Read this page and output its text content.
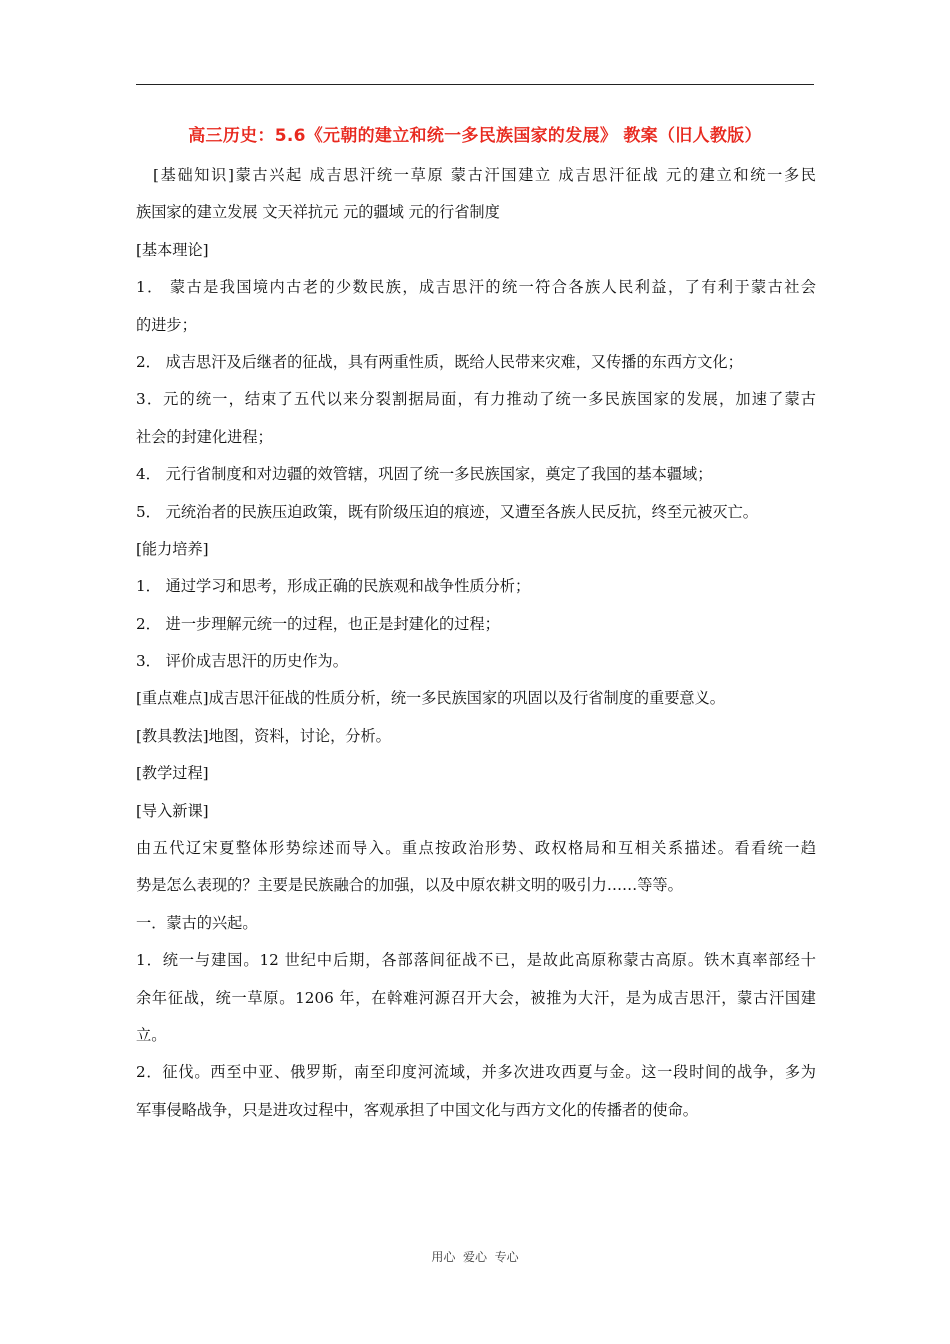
高三历史：5.6《元朝的建立和统一多民族国家的发展》 教案（旧人教版）
[基础知识]蒙古兴起 成吉思汗统一草原 蒙古汗国建立 成吉思汗征战 元的建立和统一多民
族国家的建立发展 文天祥抗元 元的疆域 元的行省制度
[基本理论]
1． 蒙古是我国境内古老的少数民族，成吉思汗的统一符合各族人民利益，了有利于蒙古社会
的进步；
2． 成吉思汗及后继者的征战，具有两重性质，既给人民带来灾难，又传播的东西方文化；
3．元的统一，结束了五代以来分裂割据局面，有力推动了统一多民族国家的发展，加速了蒙古
社会的封建化进程；
4． 元行省制度和对边疆的效管辖，巩固了统一多民族国家，奠定了我国的基本疆域；
5． 元统治者的民族压迫政策，既有阶级压迫的痕迹，又遭至各族人民反抗，终至元被灭亡。
[能力培养]
1． 通过学习和思考，形成正确的民族观和战争性质分析；
2． 进一步理解元统一的过程，也正是封建化的过程；
3． 评价成吉思汗的历史作为。
[重点难点]成吉思汗征战的性质分析，统一多民族国家的巩固以及行省制度的重要意义。
[教具教法]地图，资料，讨论，分析。
[教学过程]
[导入新课]
由五代辽宋夏整体形势综述而导入。重点按政治形势、政权格局和互相关系描述。看看统一趋
势是怎么表现的？主要是民族融合的加强，以及中原农耕文明的吸引力……等等。
一．蒙古的兴起。
1．统一与建国。12 世纪中后期，各部落间征战不已，是故此高原称蒙古高原。铁木真率部经十
余年征战，统一草原。1206 年，在斡难河源召开大会，被推为大汗，是为成吉思汗，蒙古汗国建
立。
2．征伐。西至中亚、俄罗斯，南至印度河流域，并多次进攻西夏与金。这一段时间的战争，多为
军事侵略战争，只是进攻过程中，客观承担了中国文化与西方文化的传播者的使命。
用心  爱心  专心
